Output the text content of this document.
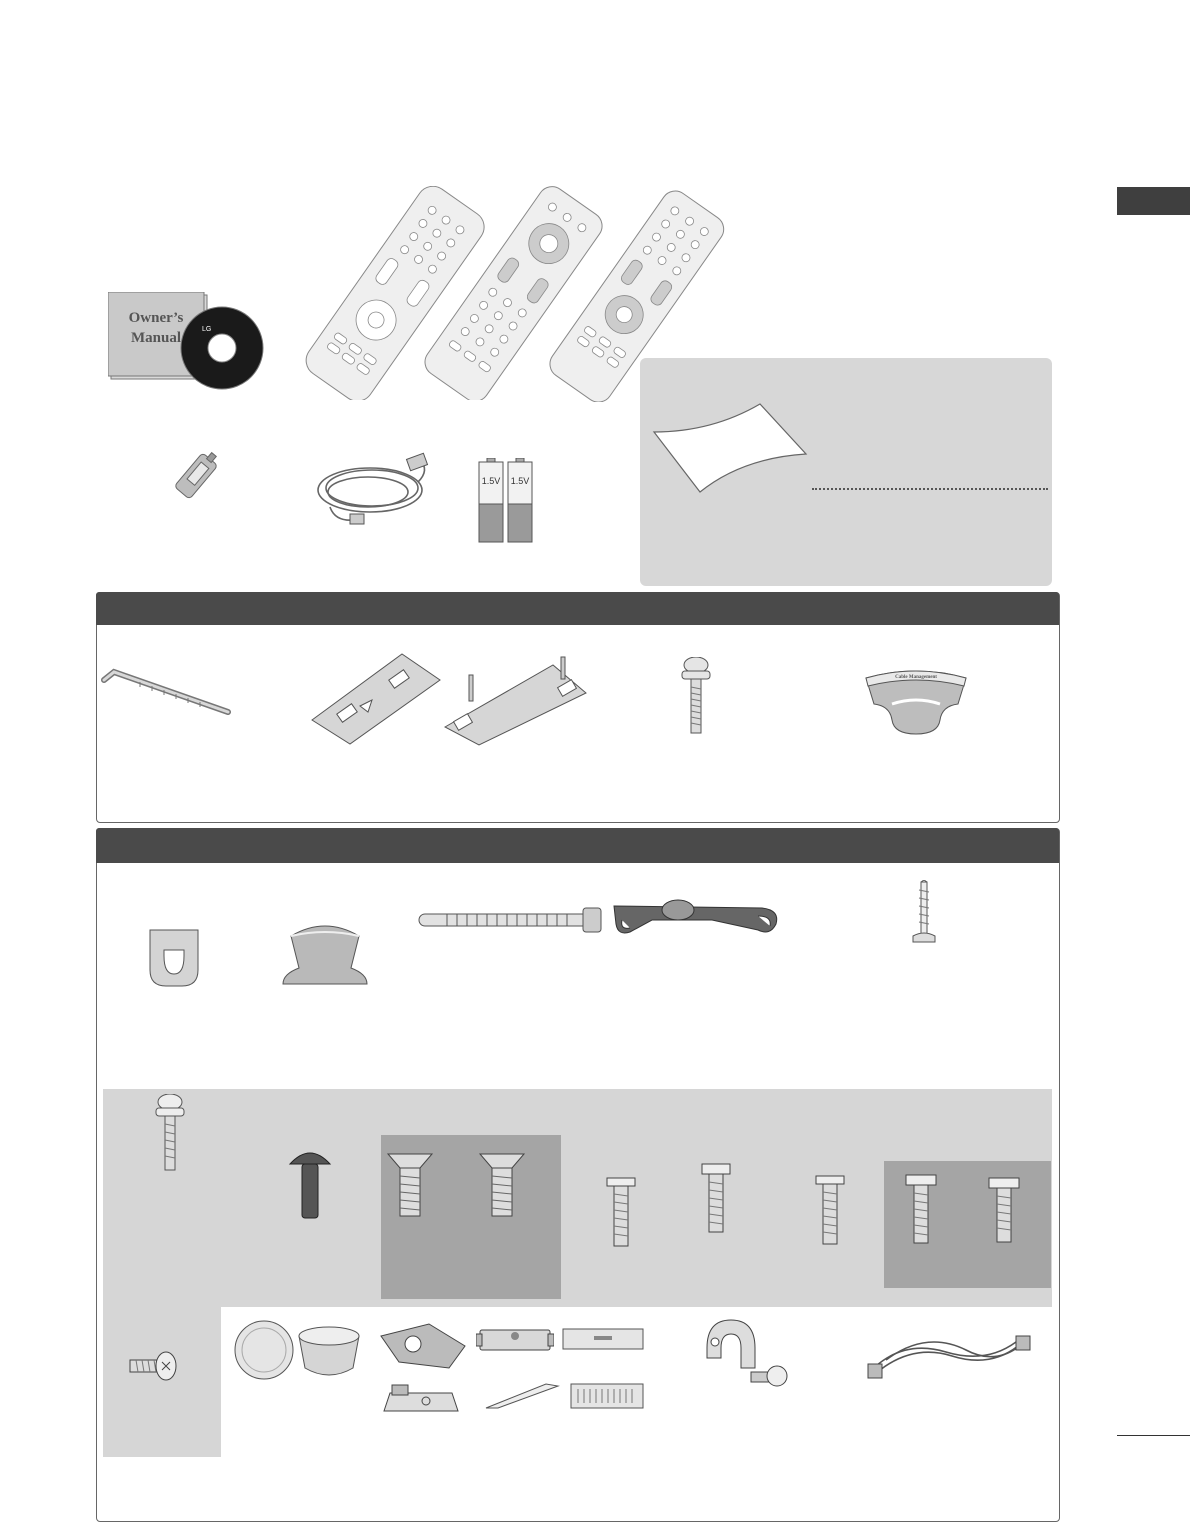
Owner’s
Manual
LG
1.5V	1.5V
Cable Management
